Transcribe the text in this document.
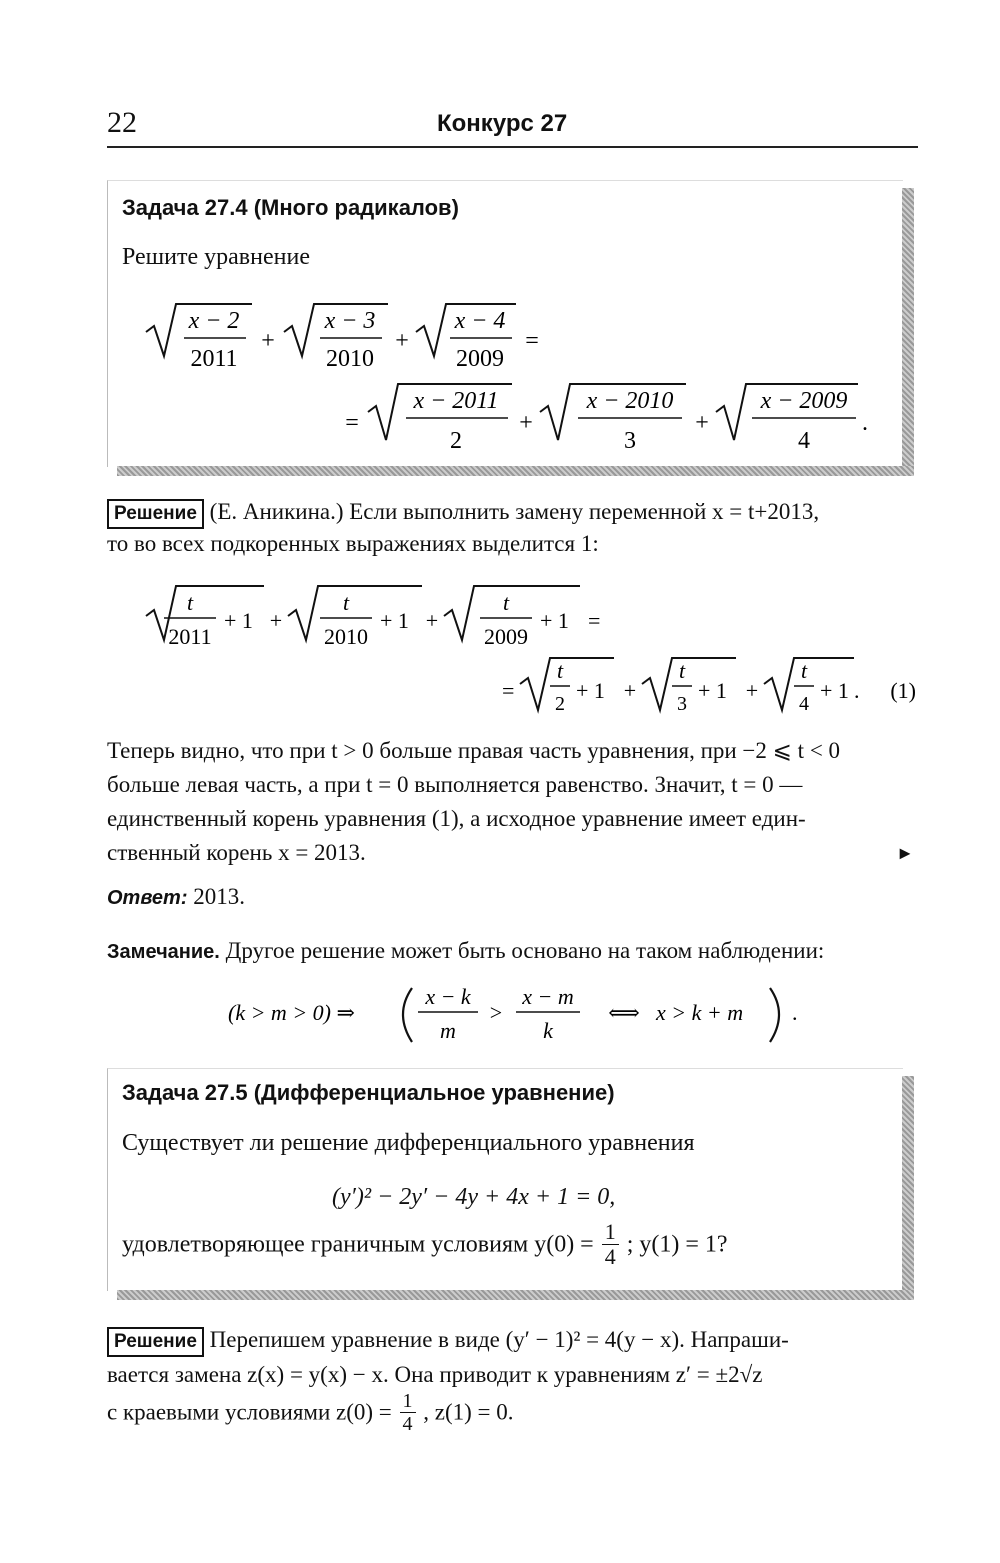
22	Конкурс 27
Задача 27.4 (Много радикалов)
Решите уравнение
x − 2
2011
+
x − 3
2010
+
x − 4
2009
=
=
x − 2011
2
+
x − 2010
3
+
x − 2009
4
.
Решение (Е. Аникина.) Если выполнить замену переменной x = t+2013,
то во всех подкоренных выражениях выделится 1:
t
2011
+ 1 +
t
2010
+ 1 +
t
2009
+ 1 =
=
t
2
+ 1 +
t
3
+ 1 +
t
4
+ 1 . (1)
Теперь видно, что при t > 0 больше правая часть уравнения, при −2 ⩽ t < 0
больше левая часть, а при t = 0 выполняется равенство. Значит, t = 0 —
единственный корень уравнения (1), а исходное уравнение имеет един-
ственный корень x = 2013.	►
Ответ: 2013.
Замечание. Другое решение может быть основано на таком наблюдении:
(k > m > 0) ⇒
x − k
m
>
x − m
k
⟺ x > k + m .
Задача 27.5 (Дифференциальное уравнение)
Существует ли решение дифференциального уравнения
(y′)² − 2y′ − 4y + 4x + 1 = 0,
удовлетворяющее граничным условиям $y(0) = \frac{1}{4}$ ; y(1) = 1?
Решение Перепишем уравнение в виде (y′ − 1)² = 4(y − x). Напраши-
вается замена z(x) = y(x) − x. Она приводит к уравнениям z′ = ±2√z
с краевыми условиями $z(0) = \frac{1}{4}$ , z(1) = 0.
